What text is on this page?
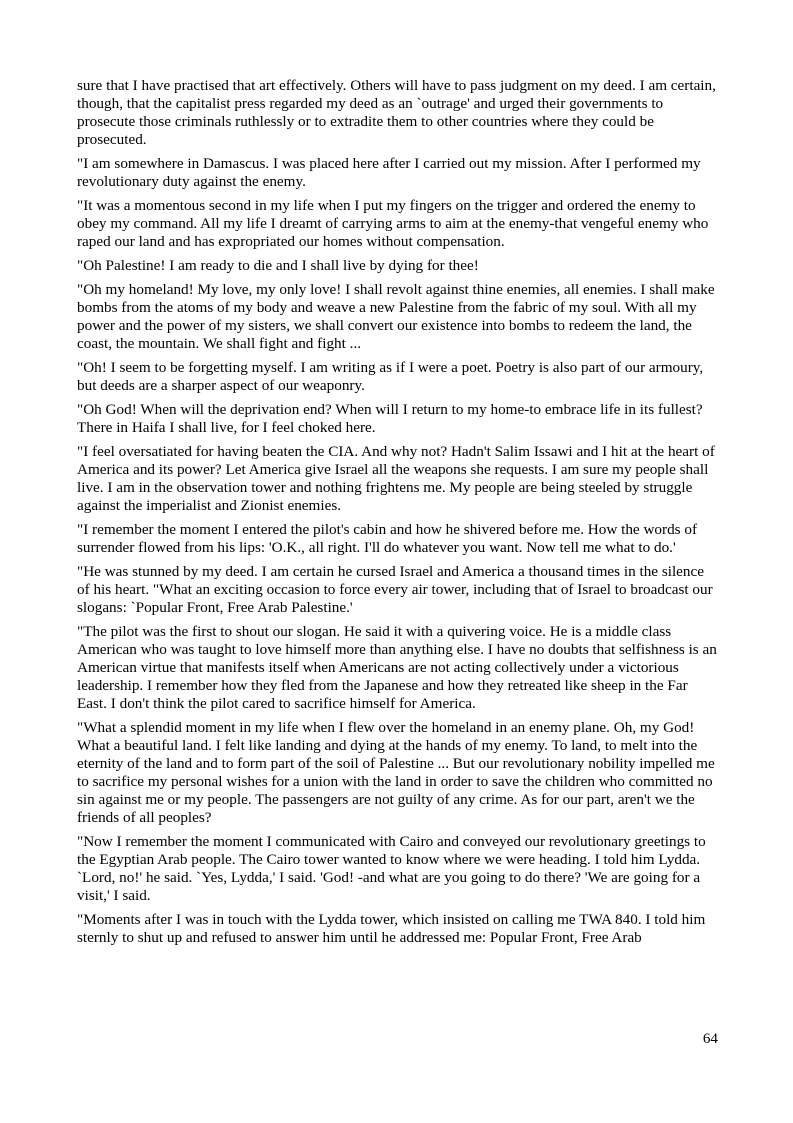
sure that I have practised that art effectively. Others will have to pass judgment on my deed. I am certain, though, that the capitalist press regarded my deed as an `outrage' and urged their governments to prosecute those criminals ruthlessly or to extradite them to other countries where they could be prosecuted.

"I am somewhere in Damascus. I was placed here after I carried out my mission. After I performed my revolutionary duty against the enemy.

"It was a momentous second in my life when I put my fingers on the trigger and ordered the enemy to obey my command. All my life I dreamt of carrying arms to aim at the enemy-that vengeful enemy who raped our land and has expropriated our homes without compensation.

"Oh Palestine! I am ready to die and I shall live by dying for thee!

"Oh my homeland! My love, my only love! I shall revolt against thine enemies, all enemies. I shall make bombs from the atoms of my body and weave a new Palestine from the fabric of my soul. With all my power and the power of my sisters, we shall convert our existence into bombs to redeem the land, the coast, the mountain. We shall fight and fight ...

"Oh! I seem to be forgetting myself. I am writing as if I were a poet. Poetry is also part of our armoury, but deeds are a sharper aspect of our weaponry.

"Oh God! When will the deprivation end? When will I return to my home-to embrace life in its fullest? There in Haifa I shall live, for I feel choked here.

"I feel oversatiated for having beaten the CIA. And why not? Hadn't Salim Issawi and I hit at the heart of America and its power? Let America give Israel all the weapons she requests. I am sure my people shall live. I am in the observation tower and nothing frightens me. My people are being steeled by struggle against the imperialist and Zionist enemies.

"I remember the moment I entered the pilot's cabin and how he shivered before me. How the words of surrender flowed from his lips: 'O.K., all right. I'll do whatever you want. Now tell me what to do.'

"He was stunned by my deed. I am certain he cursed Israel and America a thousand times in the silence of his heart. "What an exciting occasion to force every air tower, including that of Israel to broadcast our slogans: `Popular Front, Free Arab Palestine.'

"The pilot was the first to shout our slogan. He said it with a quivering voice. He is a middle class American who was taught to love himself more than anything else. I have no doubts that selfishness is an American virtue that manifests itself when Americans are not acting collectively under a victorious leadership. I remember how they fled from the Japanese and how they retreated like sheep in the Far East. I don't think the pilot cared to sacrifice himself for America.

"What a splendid moment in my life when I flew over the homeland in an enemy plane. Oh, my God! What a beautiful land. I felt like landing and dying at the hands of my enemy. To land, to melt into the eternity of the land and to form part of the soil of Palestine ... But our revolutionary nobility impelled me to sacrifice my personal wishes for a union with the land in order to save the children who committed no sin against me or my people. The passengers are not guilty of any crime. As for our part, aren't we the friends of all peoples?

"Now I remember the moment I communicated with Cairo and conveyed our revolutionary greetings to the Egyptian Arab people. The Cairo tower wanted to know where we were heading. I told him Lydda. `Lord, no!' he said. `Yes, Lydda,' I said. 'God! -and what are you going to do there? 'We are going for a visit,' I said.

"Moments after I was in touch with the Lydda tower, which insisted on calling me TWA 840. I told him sternly to shut up and refused to answer him until he addressed me: Popular Front, Free Arab

64
